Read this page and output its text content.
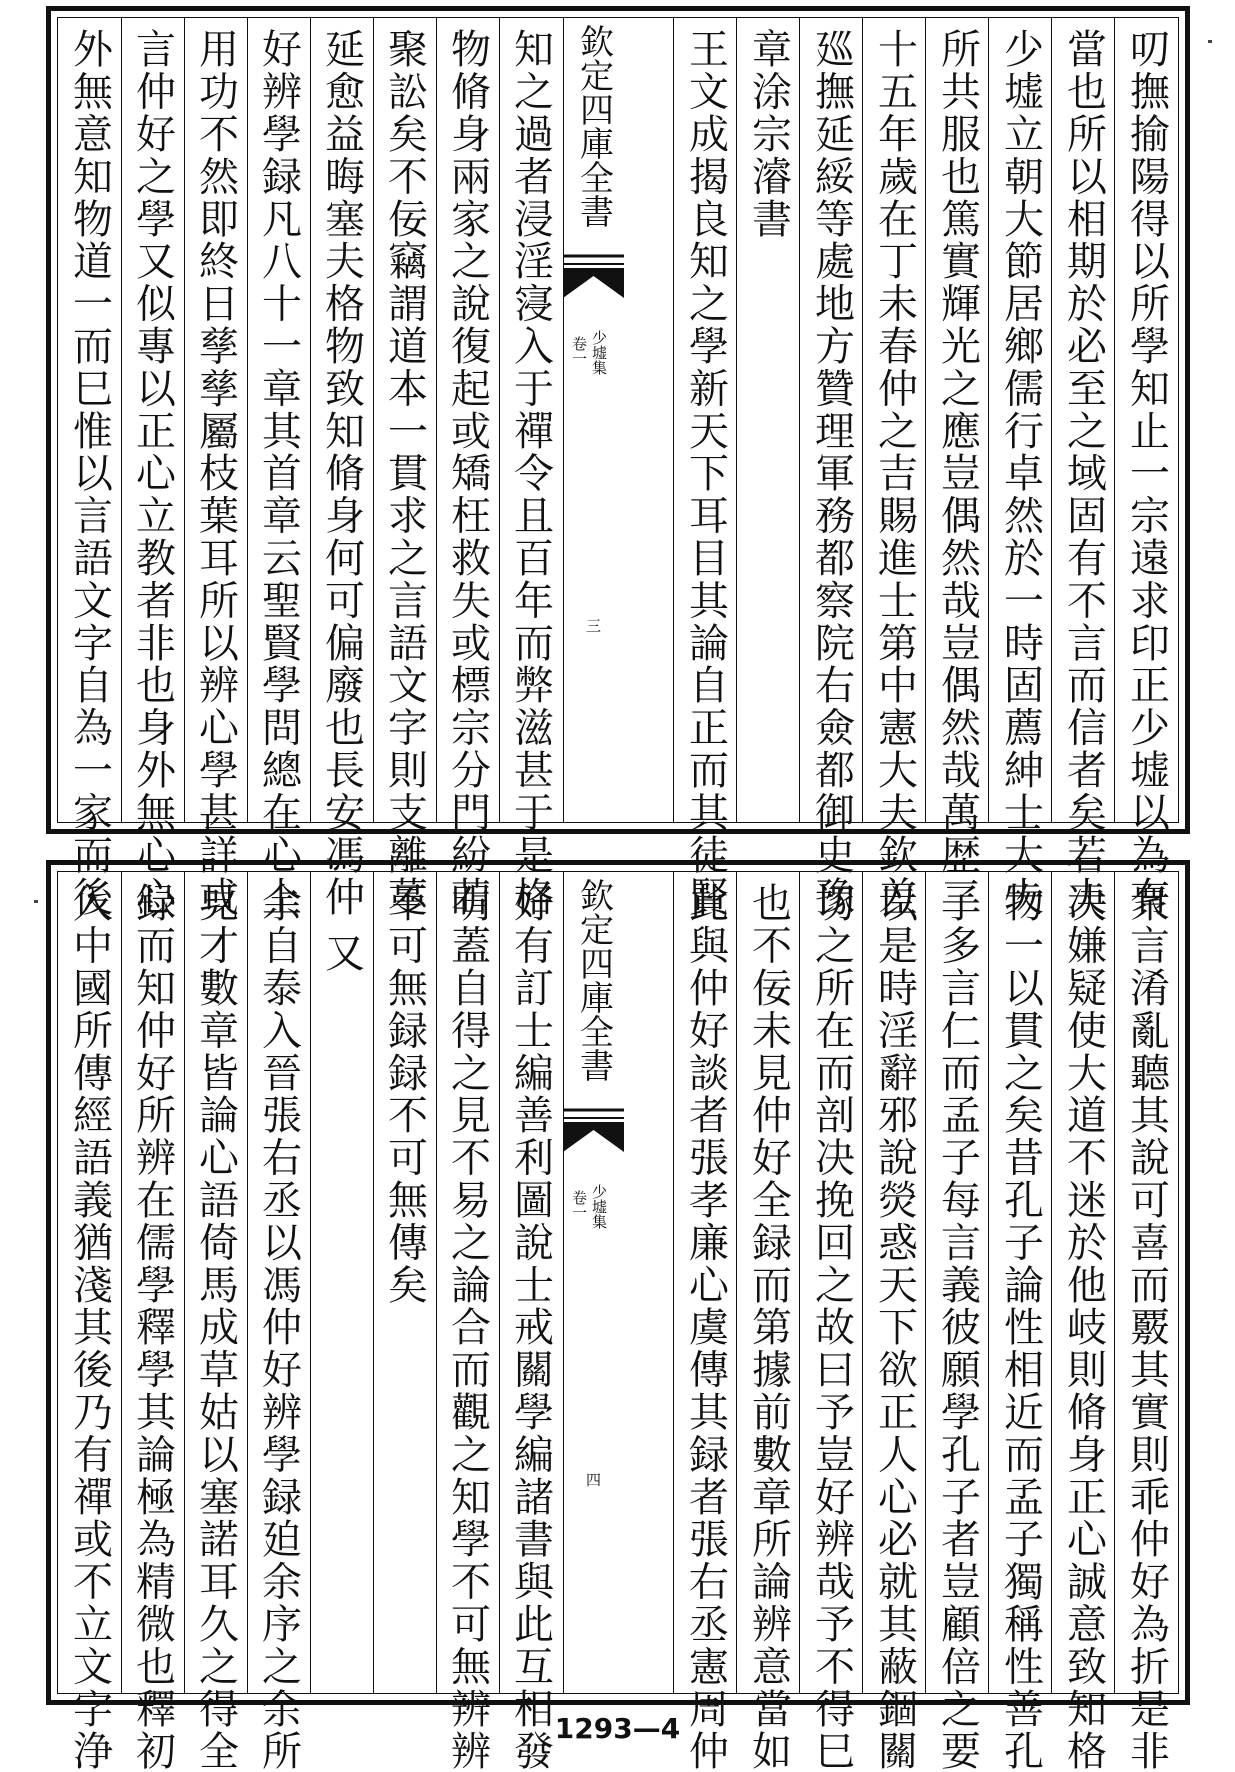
叨撫揄陽得以所學知止一宗遠求印正少墟以為有
當也所以相期於必至之域固有不言而信者矣若夫
少墟立朝大節居鄉儒行卓然於一時固薦紳士大夫
所共服也篤實輝光之應豈偶然哉豈偶然哉萬歴三
十五年歲在丁未春仲之吉賜進士第中憲大夫欽差
廵撫延綏等處地方贊理軍務都察院右僉都御史豫
章涂宗濬書
王文成揭良知之學新天下耳目其論自正而其徒賢
欽定四庫全書
少墟集
卷一
三
知之過者浸淫寖入于禪令且百年而弊滋甚于是格
物脩身兩家之說復起或矯枉救失或標宗分門紛若
聚訟矣不佞竊謂道本一貫求之言語文字則支離蔓
延愈益晦塞夫格物致知脩身何可偏廢也長安馮仲
好辨學録凡八十一章其首章云聖賢學問總在心上
用功不然即終日孳孳屬枝葉耳所以辨心學甚詳或
言仲好之學又似專以正心立教者非也身外無心心
外無意知物道一而巳惟以言語文字自為一家而後
衆言淆亂聽其說可喜而覈其實則乖仲好為折是非
决嫌疑使大道不迷於他岐則脩身正心誠意致知格
物一以貫之矣昔孔子論性相近而孟子獨稱性善孔
子多言仁而孟子每言義彼願學孔子者豈顧倍之要
以是時淫辭邪說熒惑天下欲正人心必就其蔽錮關
切之所在而剖决挽回之故曰予豈好辨哉予不得巳
也不佞未見仲好全録而第據前數章所論辨意當如
此與仲好談者張孝廉心虞傳其録者張右丞憲周仲
欽定四庫全書
少墟集
卷一
四
好有訂士編善利圖說士戒關學編諸書與此互相發
明蓋自得之見不易之論合而觀之知學不可無辨辨
不可無録録不可無傳矣
又
余自泰入晉張右丞以馮仲好辨學録廹余序之余所
見才數章皆論心語倚馬成草姑以塞諾耳久之得全
録而知仲好所辨在儒學釋學其論極為精微也釋初
入中國所傳經語義猶淺其後乃有禪或不立文字浄	1293—4
